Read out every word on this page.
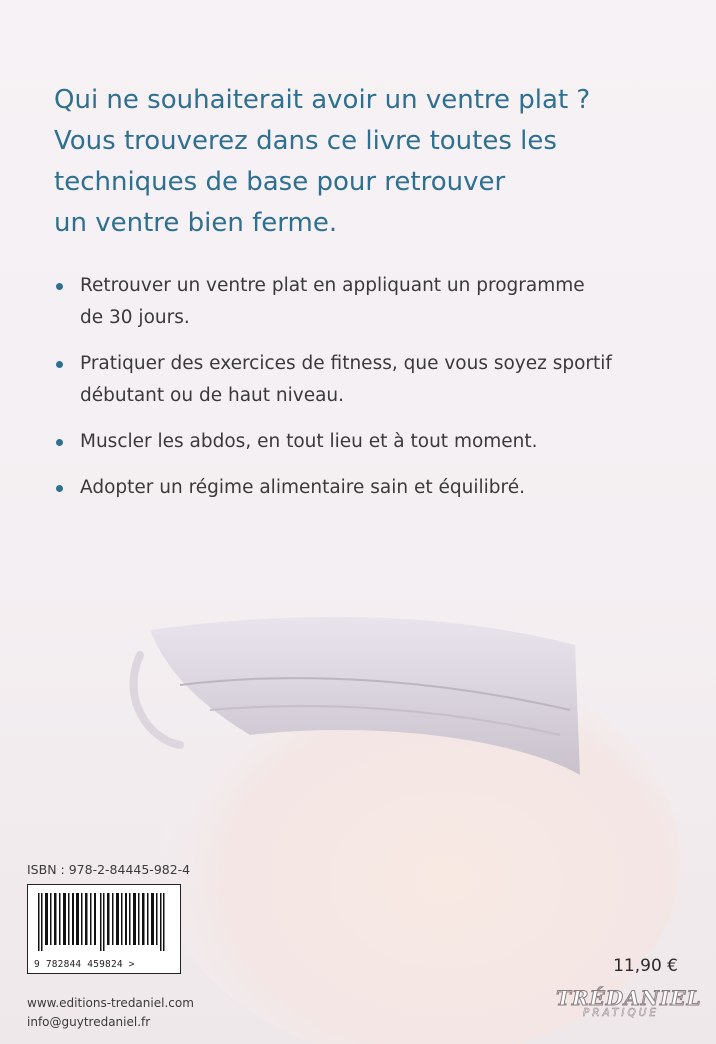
Qui ne souhaiterait avoir un ventre plat ?
Vous trouverez dans ce livre toutes les
techniques de base pour retrouver
un ventre bien ferme.
Retrouver un ventre plat en appliquant un programme
de 30 jours.
Pratiquer des exercices de fitness, que vous soyez sportif
débutant ou de haut niveau.
Muscler les abdos, en tout lieu et à tout moment.
Adopter un régime alimentaire sain et équilibré.
ISBN : 978-2-84445-982-4
9 782844 459824 >	11,90 €
www.editions-tredaniel.com
info@guytredaniel.fr
TRÉDANIEL
PRATIQUE
